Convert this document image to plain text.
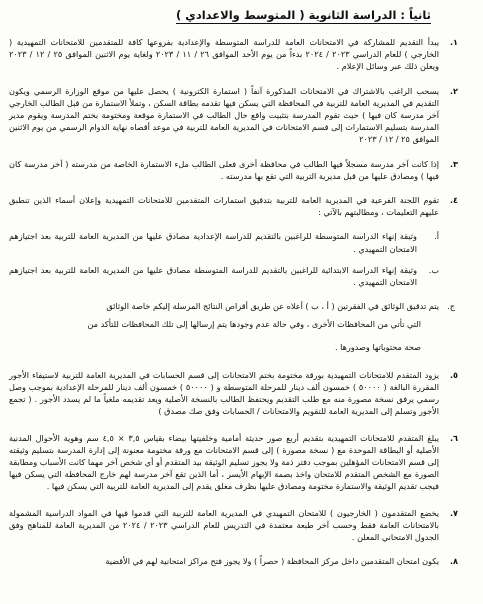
ثانياً : الدراسة الثانوية ( المتوسط والاعدادي )
١.
يبدأ التقديم للمشاركة في الامتحانات العامة للدراسة المتوسطة والإعدادية بفروعها كافة للمتقدمين للامتحانات التمهيدية ( الخارجي ) للعام الدراسي ٢٠٢٣ / ٢٠٢٤ بدءاً من يوم الأحد الموافق ٢٦ / ١١ / ٢٠٢٣ ولغاية يوم الاثنين الموافق ٢٥ / ١٢ / ٢٠٢٣ ويعلن ذلك عبر وسائل الإعلام .
٢.
يسحب الراغب بالاشتراك في الامتحانات المذكورة آنفاً ( استمارة الكترونية ) يحصل عليها من موقع الوزارة الرسمي ويكون التقديم في المديرية العامة للتربية في المحافظة التي يسكن فيها تقدمه بطاقة السكن ، وتملأ الاستمارة من قبل الطالب الخارجي آخر مدرسة كان فيها ) حيث تقوم المدرسة بتثبيت واقع حال الطالب في الاستمارة موقعة ومختومة بختم المدرسة ويقوم مدير المدرسة بتسليم الاستمارات إلى قسم الامتحانات في المديرية العامة للتربية في موعد أقصاه نهاية الدوام الرسمي من يوم الاثنين الموافق ٢٥ / ١٢ / ٢٠٢٣
٣.
إذا كانت آخر مدرسة مسجلاً فيها الطالب في محافظة أخرى فعلى الطالب ملء الاستمارة الخاصة من مدرسته ( آخر مدرسة كان فيها ) ومصادق عليها من قبل مديرية التربية التي تقع بها مدرسته .
٤.
تقوم اللجنة الفرعية في المديرية العامة للتربية بتدقيق استمارات المتقدمين للامتحانات التمهيدية وإعلان أسماء الذين تنطبق عليهم التعليمات ، ومطالبتهم بالآتي :
أ.
وثيقة إنهاء الدراسة المتوسطة للراغبين بالتقديم للدراسة الإعدادية مصادق عليها من المديرية العامة للتربية بعد اجتيازهم الامتحان التمهيدي .
ب.
وثيقة إنهاء الدراسة الابتدائية للراغبين بالتقديم للدراسة المتوسطة مصادق عليها من المديرية العامة للتربية بعد اجتيازهم الامتحان التمهيدي .
ج.
يتم تدقيق الوثائق في الفقرتين ( أ ، ب ) أعلاه عن طريق أقراص النتائج المرسلة إليكم خاصة الوثائق
التي تأتي من المحافظات الأخرى ، وفي حالة عدم وجودها يتم إرسالها إلى تلك المحافظات للتأكد من
صحة محتوياتها وصدورها .
٥.
يزود المتقدم للامتحانات التمهيدية بورقة مختومة بختم الامتحانات إلى قسم الحسابات في المديرية العامة للتربية لاستيفاء الأجور المقررة البالغة ( ٥٠٠٠٠ ) خمسون ألف دينار للمرحلة المتوسطة و ( ٥٠٠٠٠ ) خمسون ألف دينار للمرحلة الإعدادية بموجب وصل رسمي يرفق نسخة مصورة منه مع طلب التقديم ويحتفظ الطالب بالنسخة الأصلية ويعد تقديمه ملغياً ما لم يسدد الأجور . ( تجمع الأجور وتسلم إلى المديرية العامة للتقويم والامتحانات / الحسابات وفق صك مصدق )
٦.
يبلغ المتقدم للامتحانات التمهيدية بتقديم أربع صور حديثة أمامية وخلفيتها بيضاء بقياس ٣,٥ × ٤,٥ سم وهوية الأحوال المدنية الأصلية أو البطاقة الموحدة مع ( نسخة مصورة ) إلى قسم الامتحانات مع ورقة مختومة معنونة إلى إدارة المدرسة بتسليم وثيقته إلى قسم الامتحانات المؤهلين بموجب دفتر ذمة ولا يجوز تسليم الوثيقة بيد المتقدم أو أي شخص آخر مهما كانت الأسباب ومطابقة الصورة مع الشخص المتقدم للامتحان واخذ بصمة الإبهام الأيسر ، أما الذين تقع آخر مدرسة لهم خارج المحافظة التي يسكن فيها فيجب تقديم الوثيقة والاستمارة مختومة ومصادق عليها بظرف مغلق يقدم إلى المديرية العامة للتربية التي يسكن فيها .
٧.
يخضع المتقدمون ( الخارجيون ) للامتحان التمهيدي في المديرية العامة للتربية التي قدموا فيها في المواد الدراسية المشمولة بالامتحانات العامة فقط وحسب آخر طبعة معتمدة في التدريس للعام الدراسي ٢٠٢٣ / ٢٠٢٤ من المديرية العامة للمناهج وفق الجدول الامتحاني المعلن .
٨.
يكون امتحان المتقدمين داخل مركز المحافظة ( حصراً ) ولا يجوز فتح مراكز امتحانية لهم في الأقضية
